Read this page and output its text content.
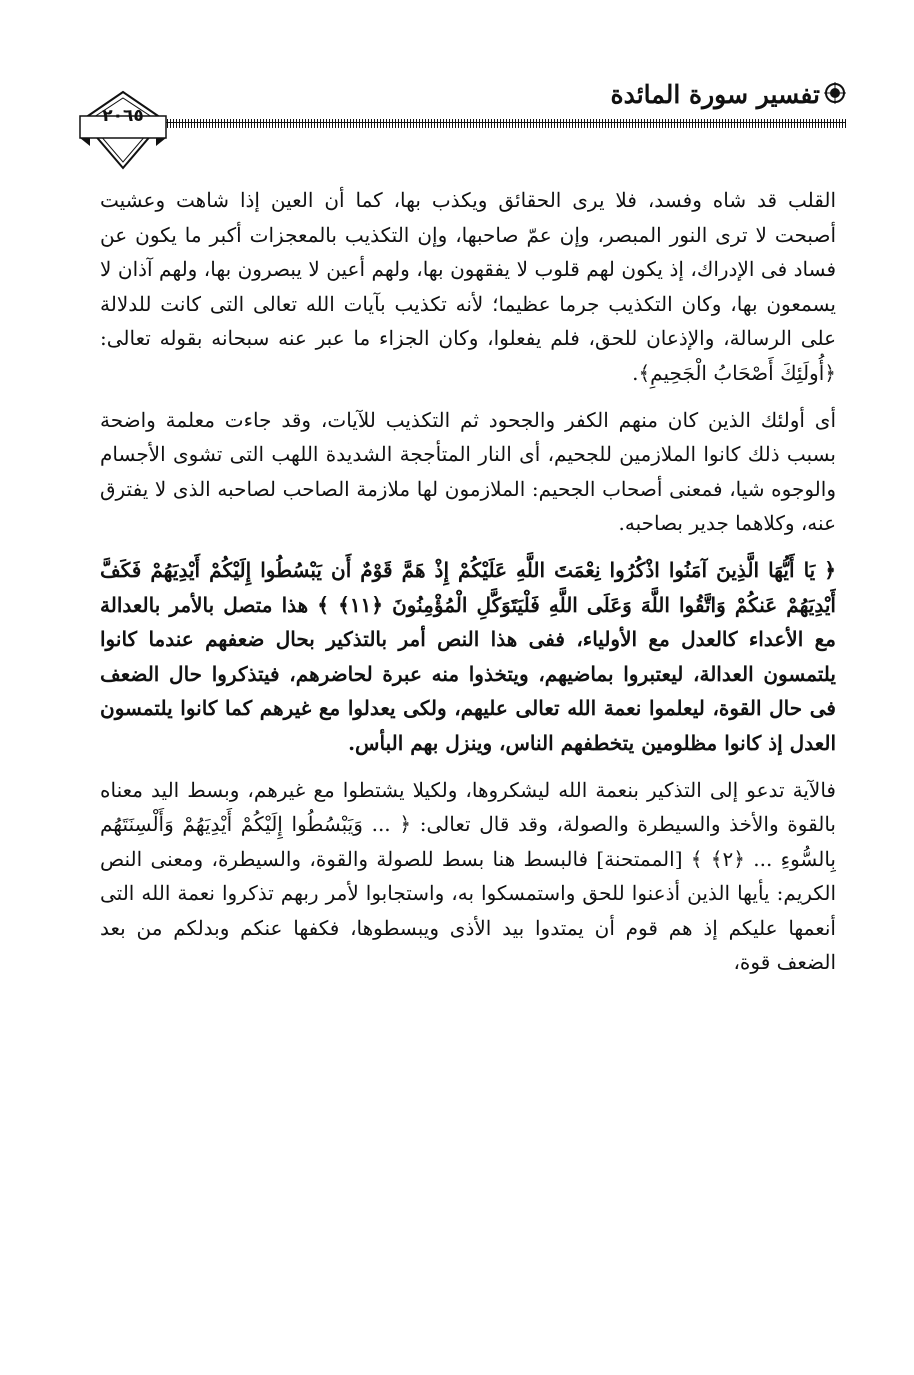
تفسير سورة المائدة
٢٠٦٥

القلب قد شاه وفسد، فلا يرى الحقائق ويكذب بها، كما أن العين إذا شاهت وعشيت أصبحت لا ترى النور المبصر، وإن عمّ صاحبها، وإن التكذيب بالمعجزات أكبر ما يكون عن فساد فى الإدراك، إذ يكون لهم قلوب لا يفقهون بها، ولهم أعين لا يبصرون بها، ولهم آذان لا يسمعون بها، وكان التكذيب جرما عظيما؛ لأنه تكذيب بآيات الله تعالى التى كانت للدلالة على الرسالة، والإذعان للحق، فلم يفعلوا، وكان الجزاء ما عبر عنه سبحانه بقوله تعالى: ﴿أُولَئِكَ أَصْحَابُ الْجَحِيمِ﴾.

أى أولئك الذين كان منهم الكفر والجحود ثم التكذيب للآيات، وقد جاءت معلمة واضحة بسبب ذلك كانوا الملازمين للجحيم، أى النار المتأججة الشديدة اللهب التى تشوى الأجسام والوجوه شيا، فمعنى أصحاب الجحيم: الملازمون لها ملازمة الصاحب لصاحبه الذى لا يفترق عنه، وكلاهما جدير بصاحبه.

﴿ يَا أَيُّهَا الَّذِينَ آمَنُوا اذْكُرُوا نِعْمَتَ اللَّهِ عَلَيْكُمْ إِذْ هَمَّ قَوْمٌ أَن يَبْسُطُوا إِلَيْكُمْ أَيْدِيَهُمْ فَكَفَّ أَيْدِيَهُمْ عَنكُمْ وَاتَّقُوا اللَّهَ وَعَلَى اللَّهِ فَلْيَتَوَكَّلِ الْمُؤْمِنُونَ ﴿١١﴾ ﴾ هذا متصل بالأمر بالعدالة مع الأعداء كالعدل مع الأولياء، ففى هذا النص أمر بالتذكير بحال ضعفهم عندما كانوا يلتمسون العدالة، ليعتبروا بماضيهم، ويتخذوا منه عبرة لحاضرهم، فيتذكروا حال الضعف فى حال القوة، ليعلموا نعمة الله تعالى عليهم، ولكى يعدلوا مع غيرهم كما كانوا يلتمسون العدل إذ كانوا مظلومين يتخطفهم الناس، وينزل بهم البأس.

فالآية تدعو إلى التذكير بنعمة الله ليشكروها، ولكيلا يشتطوا مع غيرهم، وبسط اليد معناه بالقوة والأخذ والسيطرة والصولة، وقد قال تعالى: ﴿ ... وَيَبْسُطُوا إِلَيْكُمْ أَيْدِيَهُمْ وَأَلْسِنَتَهُم بِالسُّوءِ ... ﴿٢﴾ ﴾ [الممتحنة] فالبسط هنا بسط للصولة والقوة، والسيطرة، ومعنى النص الكريم: يأيها الذين أذعنوا للحق واستمسكوا به، واستجابوا لأمر ربهم تذكروا نعمة الله التى أنعمها عليكم إذ هم قوم أن يمتدوا بيد الأذى ويبسطوها، فكفها عنكم وبدلكم من بعد الضعف قوة،
